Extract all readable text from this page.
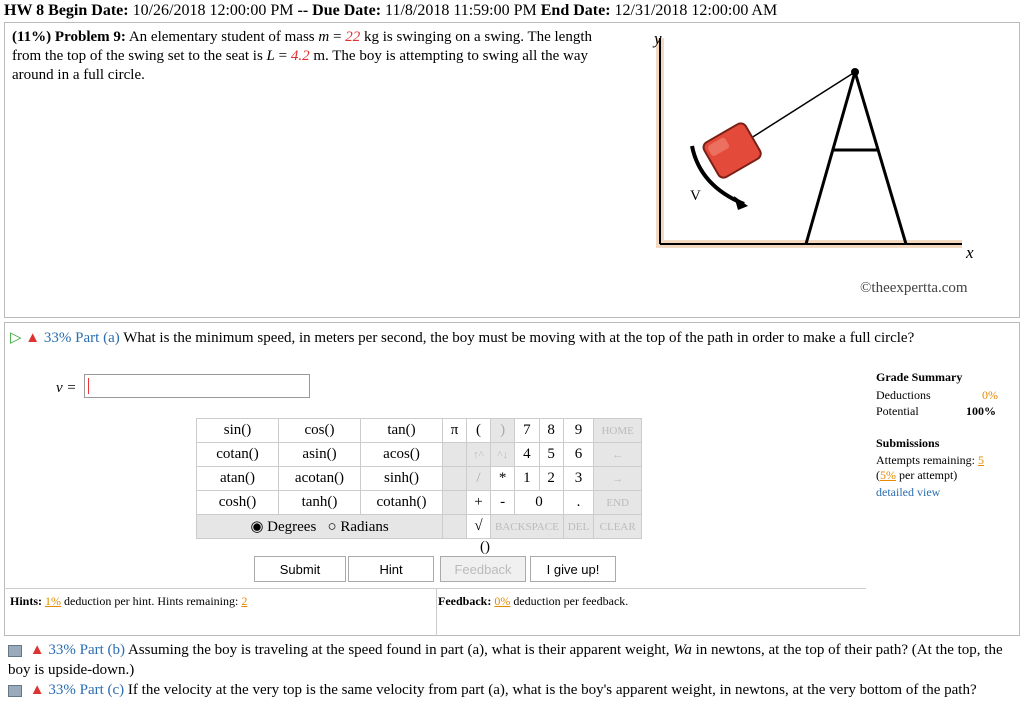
HW 8 Begin Date: 10/26/2018 12:00:00 PM -- Due Date: 11/8/2018 11:59:00 PM End Date: 12/31/2018 12:00:00 AM
(11%) Problem 9: An elementary student of mass m = 22 kg is swinging on a swing. The length from the top of the swing set to the seat is L = 4.2 m. The boy is attempting to swing all the way around in a full circle.
y
x
V
©theexpertta.com
▷ ▲ 33% Part (a) What is the minimum speed, in meters per second, the boy must be moving with at the top of the path in order to make a full circle?
v =
sin()	cos()	tan()	π	(	)	7	8	9	HOME
cotan()	asin()	acos()		↑^	^↓	4	5	6	←
atan()	acotan()	sinh()		/	*	1	2	3	→
cosh()	tanh()	cotanh()		+	-	0		.	END
◉ Degrees ○ Radians				√	BACKSPACE			DEL	CLEAR
()
Submit	Hint	Feedback	I give up!
Hints: 1% deduction per hint. Hints remaining: 2	Feedback: 0% deduction per feedback.
Grade Summary
Deductions	0%
Potential	100%
Submissions
Attempts remaining: 5
(5% per attempt)
detailed view
▲ 33% Part (b) Assuming the boy is traveling at the speed found in part (a), what is their apparent weight, Wa in newtons, at the top of their path? (At the top, the boy is upside-down.)
▲ 33% Part (c) If the velocity at the very top is the same velocity from part (a), what is the boy's apparent weight, in newtons, at the very bottom of the path?
